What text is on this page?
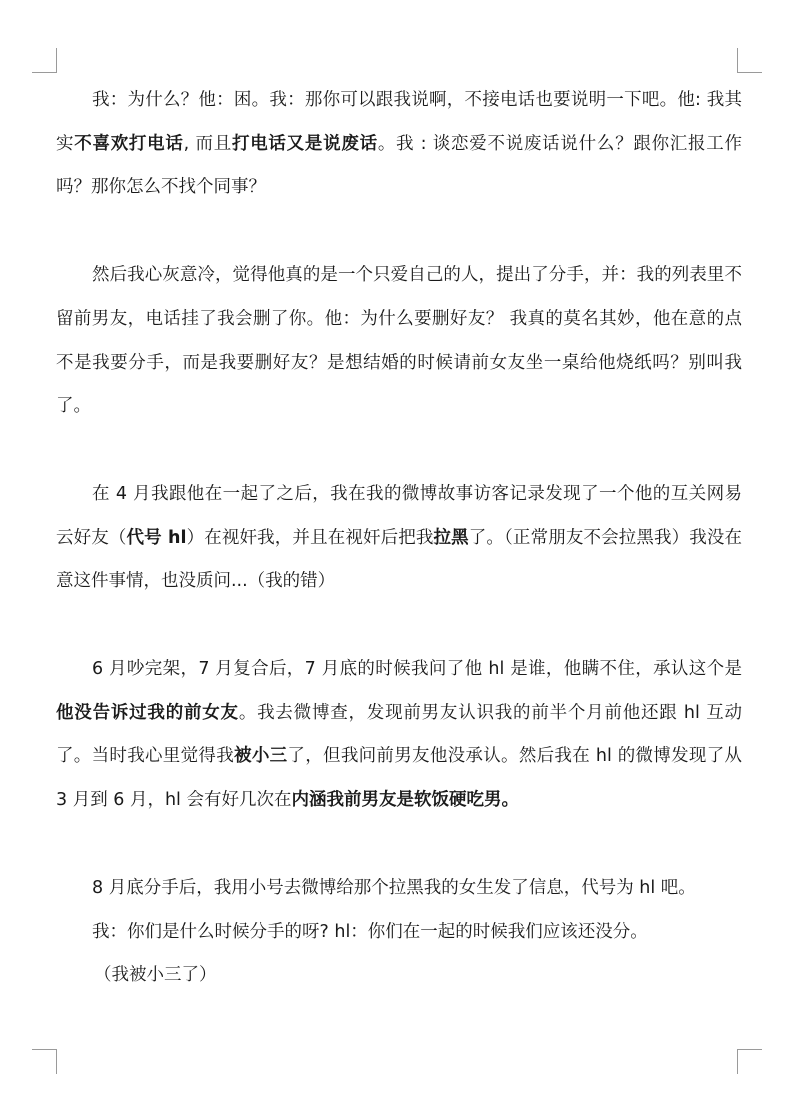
我：为什么？他：困。我：那你可以跟我说啊，不接电话也要说明一下吧。他: 我其实不喜欢打电话, 而且打电话又是说废话。我 : 谈恋爱不说废话说什么？跟你汇报工作吗？那你怎么不找个同事？

然后我心灰意冷，觉得他真的是一个只爱自己的人，提出了分手，并：我的列表里不留前男友，电话挂了我会删了你。他：为什么要删好友？ 我真的莫名其妙，他在意的点不是我要分手，而是我要删好友？是想结婚的时候请前女友坐一桌给他烧纸吗？别叫我了。

在 4 月我跟他在一起了之后，我在我的微博故事访客记录发现了一个他的互关网易云好友（代号 hl）在视奸我，并且在视奸后把我拉黑了。（正常朋友不会拉黑我）我没在意这件事情，也没质问...（我的错）

6 月吵完架，7 月复合后，7 月底的时候我问了他 hl 是谁，他瞒不住，承认这个是他没告诉过我的前女友。我去微博查，发现前男友认识我的前半个月前他还跟 hl 互动了。当时我心里觉得我被小三了，但我问前男友他没承认。然后我在 hl 的微博发现了从 3 月到 6 月，hl 会有好几次在内涵我前男友是软饭硬吃男。

8 月底分手后，我用小号去微博给那个拉黑我的女生发了信息，代号为 hl 吧。

我：你们是什么时候分手的呀? hl：你们在一起的时候我们应该还没分。

（我被小三了）
